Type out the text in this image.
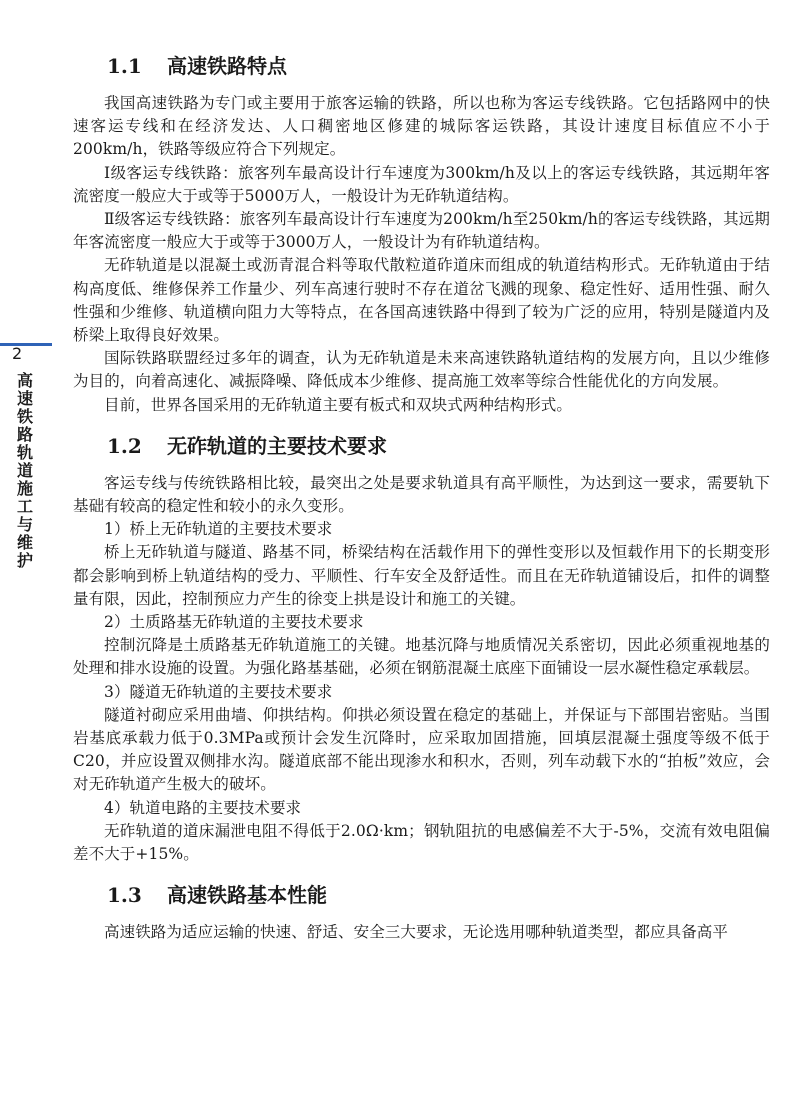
2
高速铁路轨道施工与维护
1.1 高速铁路特点

我国高速铁路为专门或主要用于旅客运输的铁路，所以也称为客运专线铁路。它包括路网中的快速客运专线和在经济发达、人口稠密地区修建的城际客运铁路，其设计速度目标值应不小于200km/h，铁路等级应符合下列规定。

Ⅰ级客运专线铁路：旅客列车最高设计行车速度为300km/h及以上的客运专线铁路，其远期年客流密度一般应大于或等于5000万人，一般设计为无砟轨道结构。

Ⅱ级客运专线铁路：旅客列车最高设计行车速度为200km/h至250km/h的客运专线铁路，其远期年客流密度一般应大于或等于3000万人，一般设计为有砟轨道结构。

无砟轨道是以混凝土或沥青混合料等取代散粒道砟道床而组成的轨道结构形式。无砟轨道由于结构高度低、维修保养工作量少、列车高速行驶时不存在道岔飞溅的现象、稳定性好、适用性强、耐久性强和少维修、轨道横向阻力大等特点，在各国高速铁路中得到了较为广泛的应用，特别是隧道内及桥梁上取得良好效果。

国际铁路联盟经过多年的调查，认为无砟轨道是未来高速铁路轨道结构的发展方向，且以少维修为目的，向着高速化、减振降噪、降低成本少维修、提高施工效率等综合性能优化的方向发展。

目前，世界各国采用的无砟轨道主要有板式和双块式两种结构形式。

1.2 无砟轨道的主要技术要求

客运专线与传统铁路相比较，最突出之处是要求轨道具有高平顺性，为达到这一要求，需要轨下基础有较高的稳定性和较小的永久变形。

1）桥上无砟轨道的主要技术要求

桥上无砟轨道与隧道、路基不同，桥梁结构在活载作用下的弹性变形以及恒载作用下的长期变形都会影响到桥上轨道结构的受力、平顺性、行车安全及舒适性。而且在无砟轨道铺设后，扣件的调整量有限，因此，控制预应力产生的徐变上拱是设计和施工的关键。

2）土质路基无砟轨道的主要技术要求

控制沉降是土质路基无砟轨道施工的关键。地基沉降与地质情况关系密切，因此必须重视地基的处理和排水设施的设置。为强化路基基础，必须在钢筋混凝土底座下面铺设一层水凝性稳定承载层。

3）隧道无砟轨道的主要技术要求

隧道衬砌应采用曲墙、仰拱结构。仰拱必须设置在稳定的基础上，并保证与下部围岩密贴。当围岩基底承载力低于0.3MPa或预计会发生沉降时，应采取加固措施，回填层混凝土强度等级不低于C20，并应设置双侧排水沟。隧道底部不能出现渗水和积水，否则，列车动载下水的“拍板”效应，会对无砟轨道产生极大的破坏。

4）轨道电路的主要技术要求

无砟轨道的道床漏泄电阻不得低于2.0Ω·km；钢轨阻抗的电感偏差不大于-5%，交流有效电阻偏差不大于+15%。

1.3 高速铁路基本性能

高速铁路为适应运输的快速、舒适、安全三大要求，无论选用哪种轨道类型，都应具备高平
